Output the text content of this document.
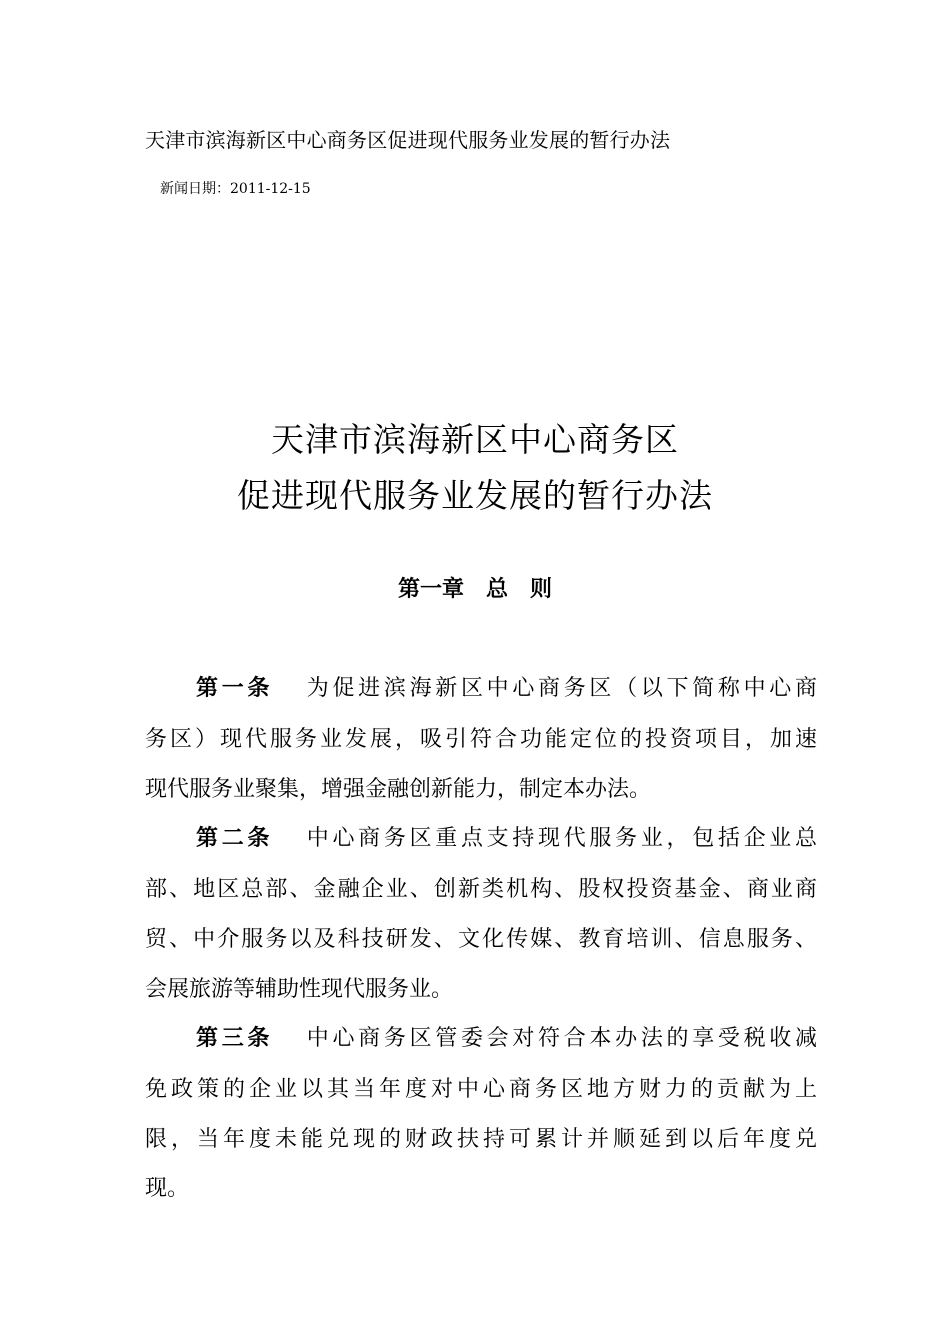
天津市滨海新区中心商务区促进现代服务业发展的暂行办法
新闻日期：2011-12-15
天津市滨海新区中心商务区
促进现代服务业发展的暂行办法
第一章 总　则
第一条 为促进滨海新区中心商务区（以下简称中心商
务区）现代服务业发展，吸引符合功能定位的投资项目，加速
现代服务业聚集，增强金融创新能力，制定本办法。
第二条 中心商务区重点支持现代服务业，包括企业总
部、地区总部、金融企业、创新类机构、股权投资基金、商业商
贸、中介服务以及科技研发、文化传媒、教育培训、信息服务、
会展旅游等辅助性现代服务业。
第三条 中心商务区管委会对符合本办法的享受税收减
免政策的企业以其当年度对中心商务区地方财力的贡献为上
限，当年度未能兑现的财政扶持可累计并顺延到以后年度兑
现。
